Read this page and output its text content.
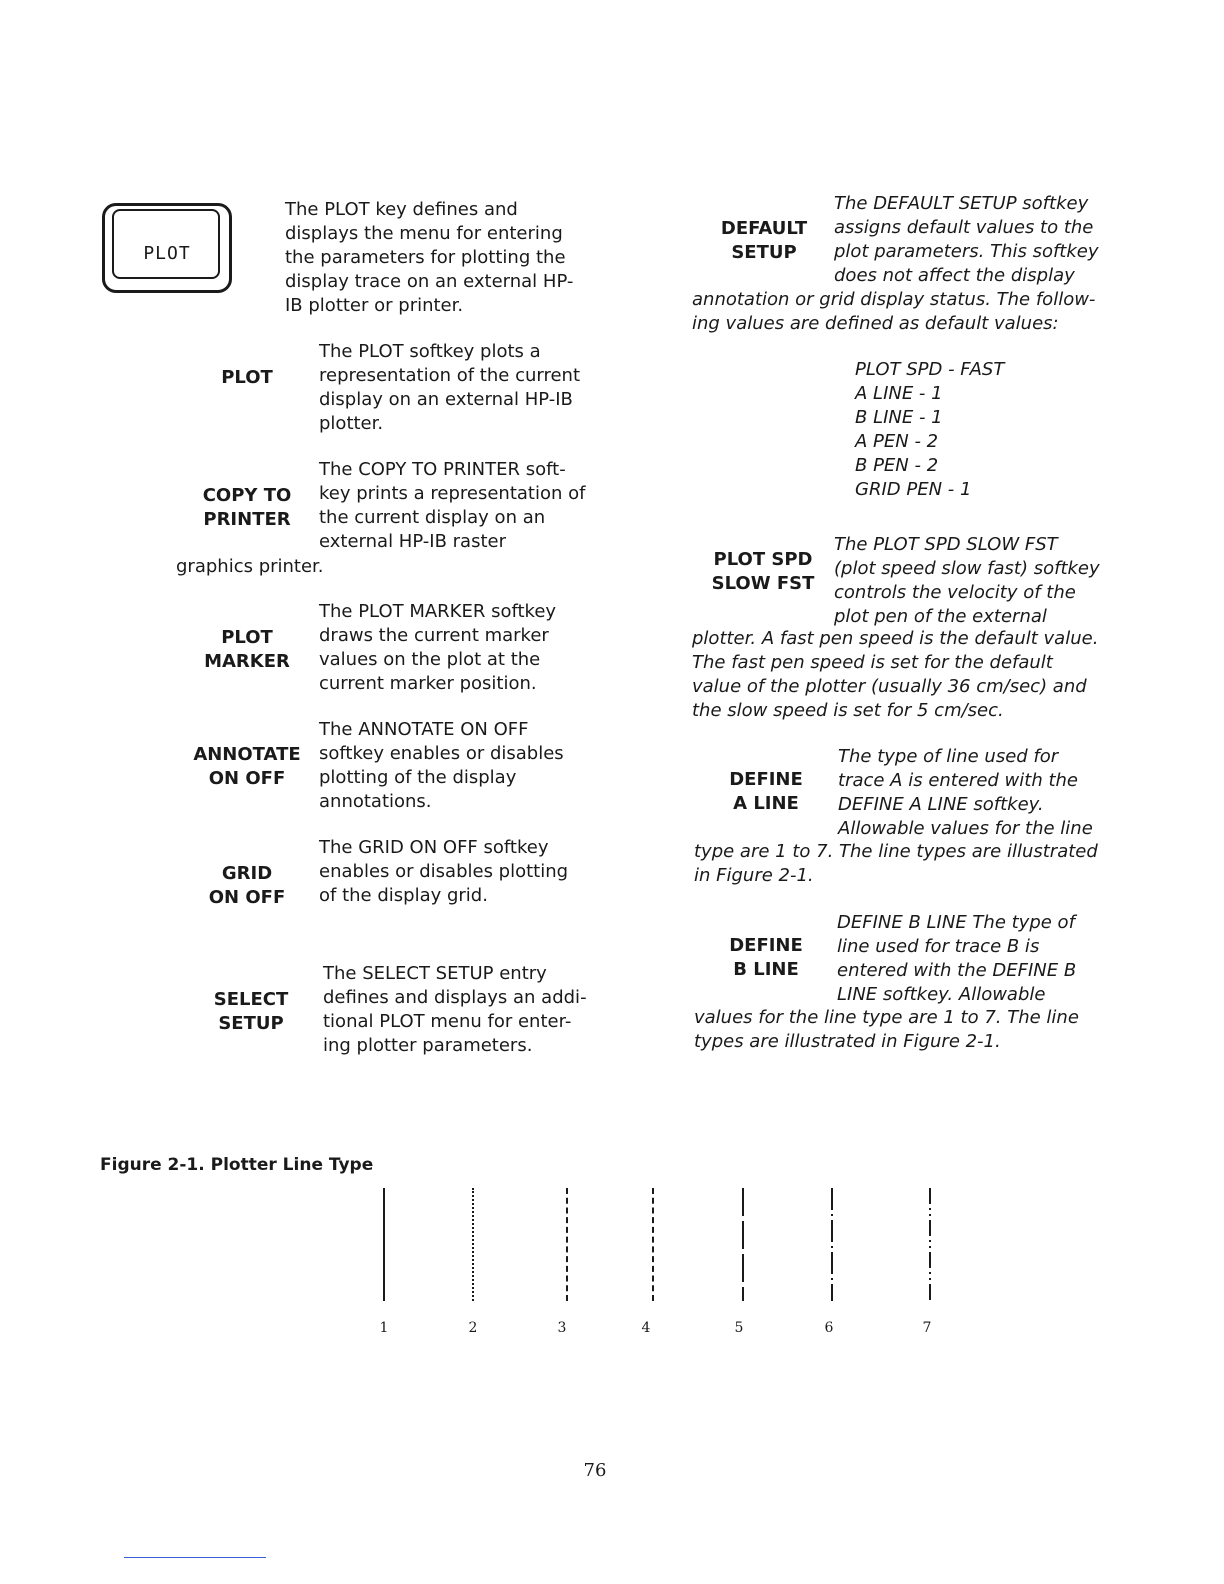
PLOT
The PLOT key defines and
displays the menu for entering
the parameters for plotting the
display trace on an external HP-
IB plotter or printer.
PLOT
The PLOT softkey plots a
representation of the current
display on an external HP-IB
plotter.
COPY TO
PRINTER
The COPY TO PRINTER soft-
key prints a representation of
the current display on an
external HP-IB raster
graphics printer.
PLOT
MARKER
The PLOT MARKER softkey
draws the current marker
values on the plot at the
current marker position.
ANNOTATE
ON OFF
The ANNOTATE ON OFF
softkey enables or disables
plotting of the display
annotations.
GRID
ON OFF
The GRID ON OFF softkey
enables or disables plotting
of the display grid.
SELECT
SETUP
The SELECT SETUP entry
defines and displays an addi-
tional PLOT menu for enter-
ing plotter parameters.
DEFAULT
SETUP
The DEFAULT SETUP softkey
assigns default values to the
plot parameters. This softkey
does not affect the display
annotation or grid display status. The follow-
ing values are defined as default values:
PLOT SPD - FAST
A LINE - 1
B LINE - 1
A PEN - 2
B PEN - 2
GRID PEN - 1
PLOT SPD
SLOW FST
The PLOT SPD SLOW FST
(plot speed slow fast) softkey
controls the velocity of the
plot pen of the external
plotter. A fast pen speed is the default value.
The fast pen speed is set for the default
value of the plotter (usually 36 cm/sec) and
the slow speed is set for 5 cm/sec.
DEFINE
A LINE
The type of line used for
trace A is entered with the
DEFINE A LINE softkey.
Allowable values for the line
type are 1 to 7. The line types are illustrated
in Figure 2-1.
DEFINE
B LINE
DEFINE B LINE The type of
line used for trace B is
entered with the DEFINE B
LINE softkey. Allowable
values for the line type are 1 to 7. The line
types are illustrated in Figure 2-1.
Figure 2-1. Plotter Line Type
1	2	3	4	5	6	7
76
